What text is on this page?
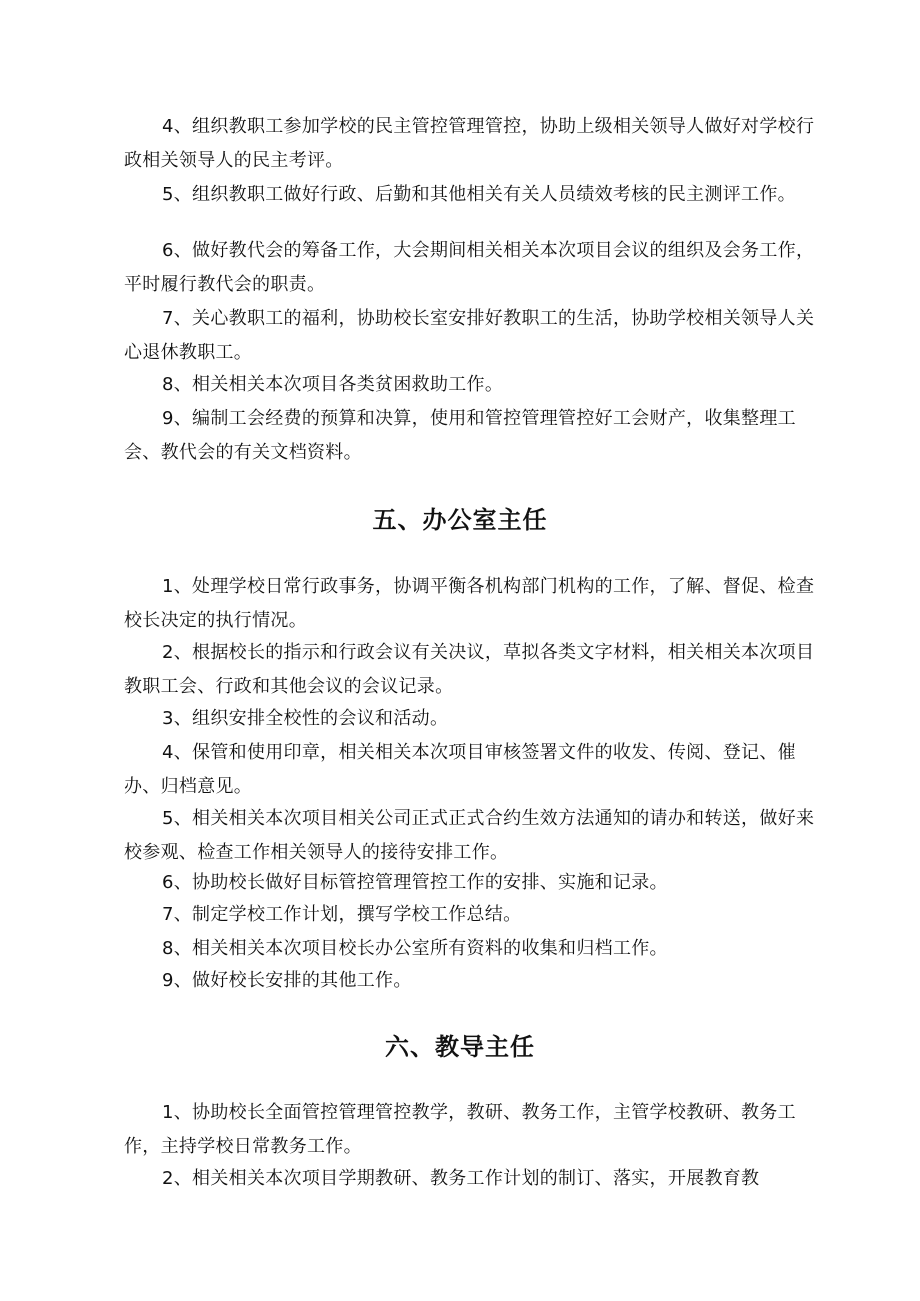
4、组织教职工参加学校的民主管控管理管控，协助上级相关领导人做好对学校行政相关领导人的民主考评。

5、组织教职工做好行政、后勤和其他相关有关人员绩效考核的民主测评工作。

6、做好教代会的筹备工作，大会期间相关相关本次项目会议的组织及会务工作，平时履行教代会的职责。

7、关心教职工的福利，协助校长室安排好教职工的生活，协助学校相关领导人关心退休教职工。

8、相关相关本次项目各类贫困救助工作。

9、编制工会经费的预算和决算，使用和管控管理管控好工会财产，收集整理工会、教代会的有关文档资料。

五、办公室主任

1、处理学校日常行政事务，协调平衡各机构部门机构的工作，了解、督促、检查校长决定的执行情况。

2、根据校长的指示和行政会议有关决议，草拟各类文字材料，相关相关本次项目教职工会、行政和其他会议的会议记录。

3、组织安排全校性的会议和活动。

4、保管和使用印章，相关相关本次项目审核签署文件的收发、传阅、登记、催办、归档意见。

5、相关相关本次项目相关公司正式正式合约生效方法通知的请办和转送，做好来校参观、检查工作相关领导人的接待安排工作。

6、协助校长做好目标管控管理管控工作的安排、实施和记录。

7、制定学校工作计划，撰写学校工作总结。

8、相关相关本次项目校长办公室所有资料的收集和归档工作。

9、做好校长安排的其他工作。

六、教导主任

1、协助校长全面管控管理管控教学，教研、教务工作，主管学校教研、教务工作，主持学校日常教务工作。

2、相关相关本次项目学期教研、教务工作计划的制订、落实，开展教育教
